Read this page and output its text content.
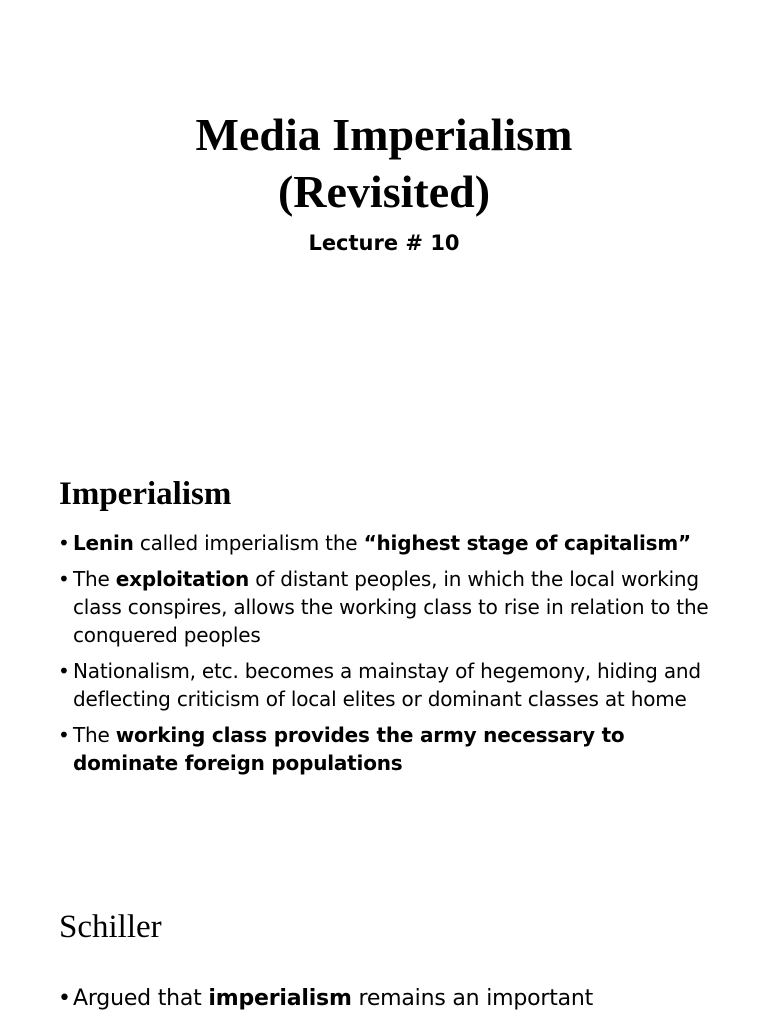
Media Imperialism
(Revisited)

Lecture # 10

Imperialism
• Lenin called imperialism the “highest stage of capitalism”
• The exploitation of distant peoples, in which the local working class conspires, allows the working class to rise in relation to the conquered peoples
• Nationalism, etc. becomes a mainstay of hegemony, hiding and deflecting criticism of local elites or dominant classes at home
• The working class provides the army necessary to dominate foreign populations
Schiller
• Argued that imperialism remains an important
